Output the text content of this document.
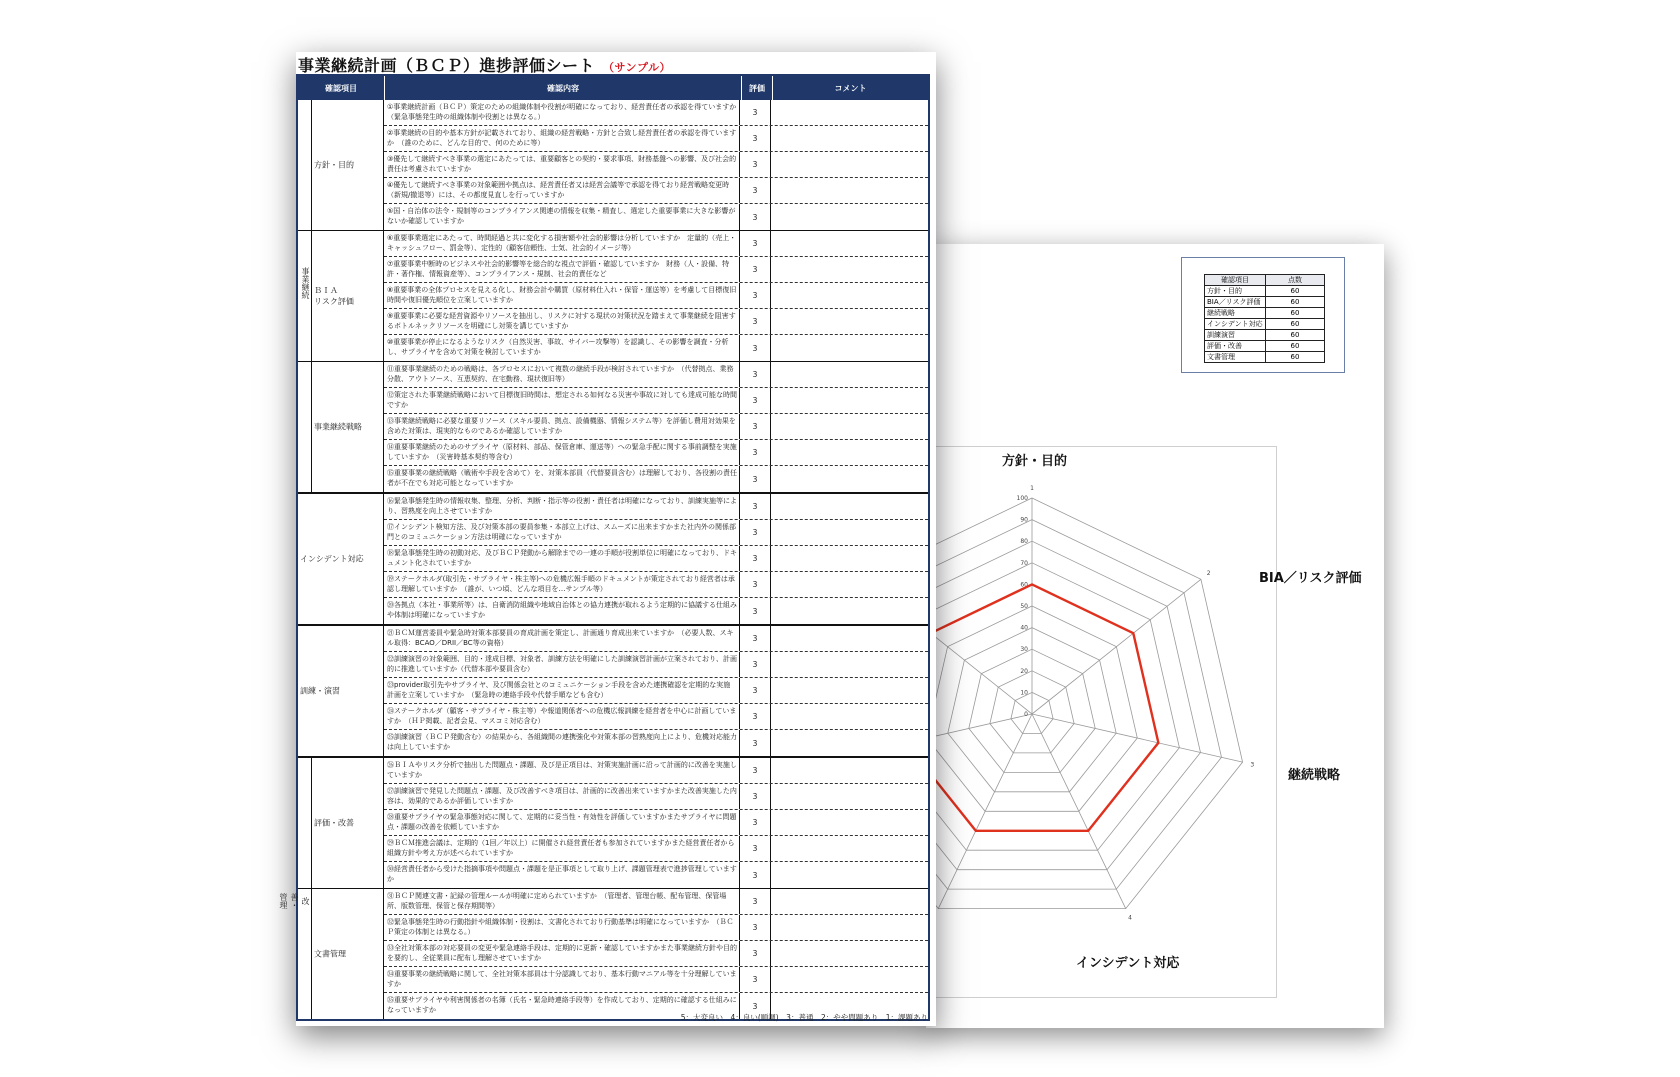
確認項目	点数
方針・目的	60
BIA／リスク評価	60
継続戦略	60
インシデント対応	60
訓練演習	60
評価・改善	60
文書管理	60
0
10
20
30
40
50
60
70
80
90
100
1
2
3
4
方針・目的
BIA／リスク評価
継続戦略
インシデント対応
事業継続計画（ＢＣＰ）進捗評価シート （サンプル）
確認項目	確認内容	評価	コメント
方針・目的
①事業継続計画（ＢＣＰ）策定のための組織体制や役割が明確になっており、経営責任者の承認を得ていますか　（緊急事態発生時の組織体制や役割とは異なる。）	3
②事業継続の目的や基本方針が記載されており、組織の経営戦略・方針と合致し経営責任者の承認を得ていますか　（誰のために、どんな目的で、何のために等）	3
③優先して継続すべき事業の選定にあたっては、重要顧客との契約・要求事項、財務基盤への影響、及び社会的責任は考慮されていますか	3
④優先して継続すべき事業の対象範囲や拠点は、経営責任者又は経営会議等で承認を得ており経営戦略変更時（新規/撤退等）には、その都度見直しを行っていますか	3
⑤国・自治体の法令・規制等のコンプライアンス関連の情報を収集・精査し、選定した重要事業に大きな影響がないか確認していますか	3
ＢＩＡ
リスク評価
事業継続
⑥重要事業選定にあたって、時間経過と共に変化する損害額や社会的影響は分析していますか　定量的（売上・キャッシュフロー、罰金等）、定性的（顧客信頼性、士気、社会的イメージ等）	3
⑦重要事業中断時のビジネスや社会的影響等を総合的な視点で評価・確認していますか　財務（人・設備、特許・著作権、情報資産等）、コンプライアンス・規制、社会的責任など	3
⑧重要事業の全体プロセスを見える化し、財務会計や購買（原材料仕入れ・保管・運送等）を考慮して目標復旧時間や復旧優先順位を立案していますか	3
⑨重要事業に必要な経営資源やリソースを抽出し、リスクに対する現状の対策状況を踏まえて事業継続を阻害するボトルネックリソースを明確にし対策を講じていますか	3
⑩重要事業が停止になるようなリスク（自然災害、事故、サイバー攻撃等）を認識し、その影響を調査・分析し、サプライヤを含めて対策を検討していますか	3
事業継続戦略
⑪重要事業継続のための戦略は、各プロセスにおいて複数の継続手段が検討されていますか　（代替拠点、業務分散、アウトソース、互恵契約、在宅勤務、現状復旧等）	3
⑫策定された事業継続戦略において目標復旧時間は、想定される如何なる災害や事故に対しても達成可能な時間ですか	3
⑬事業継続戦略に必要な重要リソース（スキル要員、拠点、設備機器、情報システム等）を評価し費用対効果を含めた対策は、現実的なものであるか確認していますか	3
⑭重要事業継続のためのサプライヤ（原材料、部品、保管倉庫、運送等）への緊急手配に関する事前調整を実施していますか　（災害時基本契約等含む）	3
⑮重要事業の継続戦略（戦術や手段を含めて）を、対策本部員（代替要員含む）は理解しており、各役割の責任者が不在でも対応可能となっていますか	3
インシデント対応
⑯緊急事態発生時の情報収集、整理、分析、判断・指示等の役割・責任者は明確になっており、訓練実施等により、習熟度を向上させていますか	3
⑰インシデント検知方法、及び対策本部の要員参集・本部立上げは、スムーズに出来ますかまた社内外の関係部門とのコミュニケーション方法は明確になっていますか	3
⑱緊急事態発生時の初動対応、及びＢＣＰ発動から解除までの一連の手順が役割単位に明確になっており、ドキュメント化されていますか	3
⑲ステークホルダ(取引先・サプライヤ・株主等)への危機広報手順のドキュメントが策定されており経営者は承認し理解していますか　（誰が、いつ頃、どんな項目を…サンプル等）	3
⑳各拠点（本社・事業所等）は、自衛消防組織や地域自治体との協力連携が取れるよう定期的に協議する仕組みや体制は明確になっていますか	3
訓練・演習
㉑ＢＣＭ運営委員や緊急時対策本部要員の育成計画を策定し、計画通り育成出来ていますか　（必要人数、スキル取得：BCAO／DRII／BC等の資格）	3
㉒訓練演習の対象範囲、目的・達成目標、対象者、訓練方法を明確にした訓練演習計画が立案されており、計画的に推進していますか（代替本部や要員含む）	3
㉓provider取引先やサプライヤ、及び関係会社とのコミュニケーション手段を含めた連携確認を定期的な実施計画を立案していますか　（緊急時の連絡手段や代替手順なども含む）	3
㉔ステークホルダ（顧客・サプライヤ・株主等）や報道関係者への危機広報訓練を経営者を中心に計画していますか　（ＨＰ掲載、記者会見、マスコミ対応含む）	3
㉕訓練演習（ＢＣＰ発動含む）の結果から、各組織間の連携強化や対策本部の習熟度向上により、危機対応能力は向上していますか	3
評価・改善
改善・管理
㉖ＢＩＡやリスク分析で抽出した問題点・課題、及び是正項目は、対策実施計画に沿って計画的に改善を実施していますか	3
㉗訓練演習で発見した問題点・課題、及び改善すべき項目は、計画的に改善出来ていますかまた改善実施した内容は、効果的であるか評価していますか	3
㉘重要サプライヤの緊急事態対応に関して、定期的に妥当性・有効性を評価していますかまたサプライヤに問題点・課題の改善を依頼していますか	3
㉙ＢＣＭ推進会議は、定期的（1回／年以上）に開催され経営責任者も参加されていますかまた経営責任者から組織方針や考え方が述べられていますか	3
㉚経営責任者から受けた指摘事項や問題点・課題を是正事項として取り上げ、課題管理表で進捗管理していますか	3
文書管理
㉛ＢＣＰ関連文書・記録の管理ルールが明確に定められていますか　（管理者、管理台帳、配布管理、保管場所、版数管理、保管と保存期間等）	3
㉜緊急事態発生時の行動指針や組織体制・役割は、文書化されており行動基準は明確になっていますか　（ＢＣＰ策定の体制とは異なる。）	3
㉝全社対策本部の対応要員の変更や緊急連絡手段は、定期的に更新・確認していますかまた事業継続方針や目的を要約し、全従業員に配布し理解させていますか	3
㉞重要事業の継続戦略に関して、全社対策本部員は十分認識しており、基本行動マニアル等を十分理解していますか	3
㉟重要サプライヤや利害関係者の名簿（氏名・緊急時連絡手段等）を作成しており、定期的に確認する仕組みになっていますか	3
5：大変良い　4：良い(順調)　3：普通　2：やや問題あり　1：課題あり
